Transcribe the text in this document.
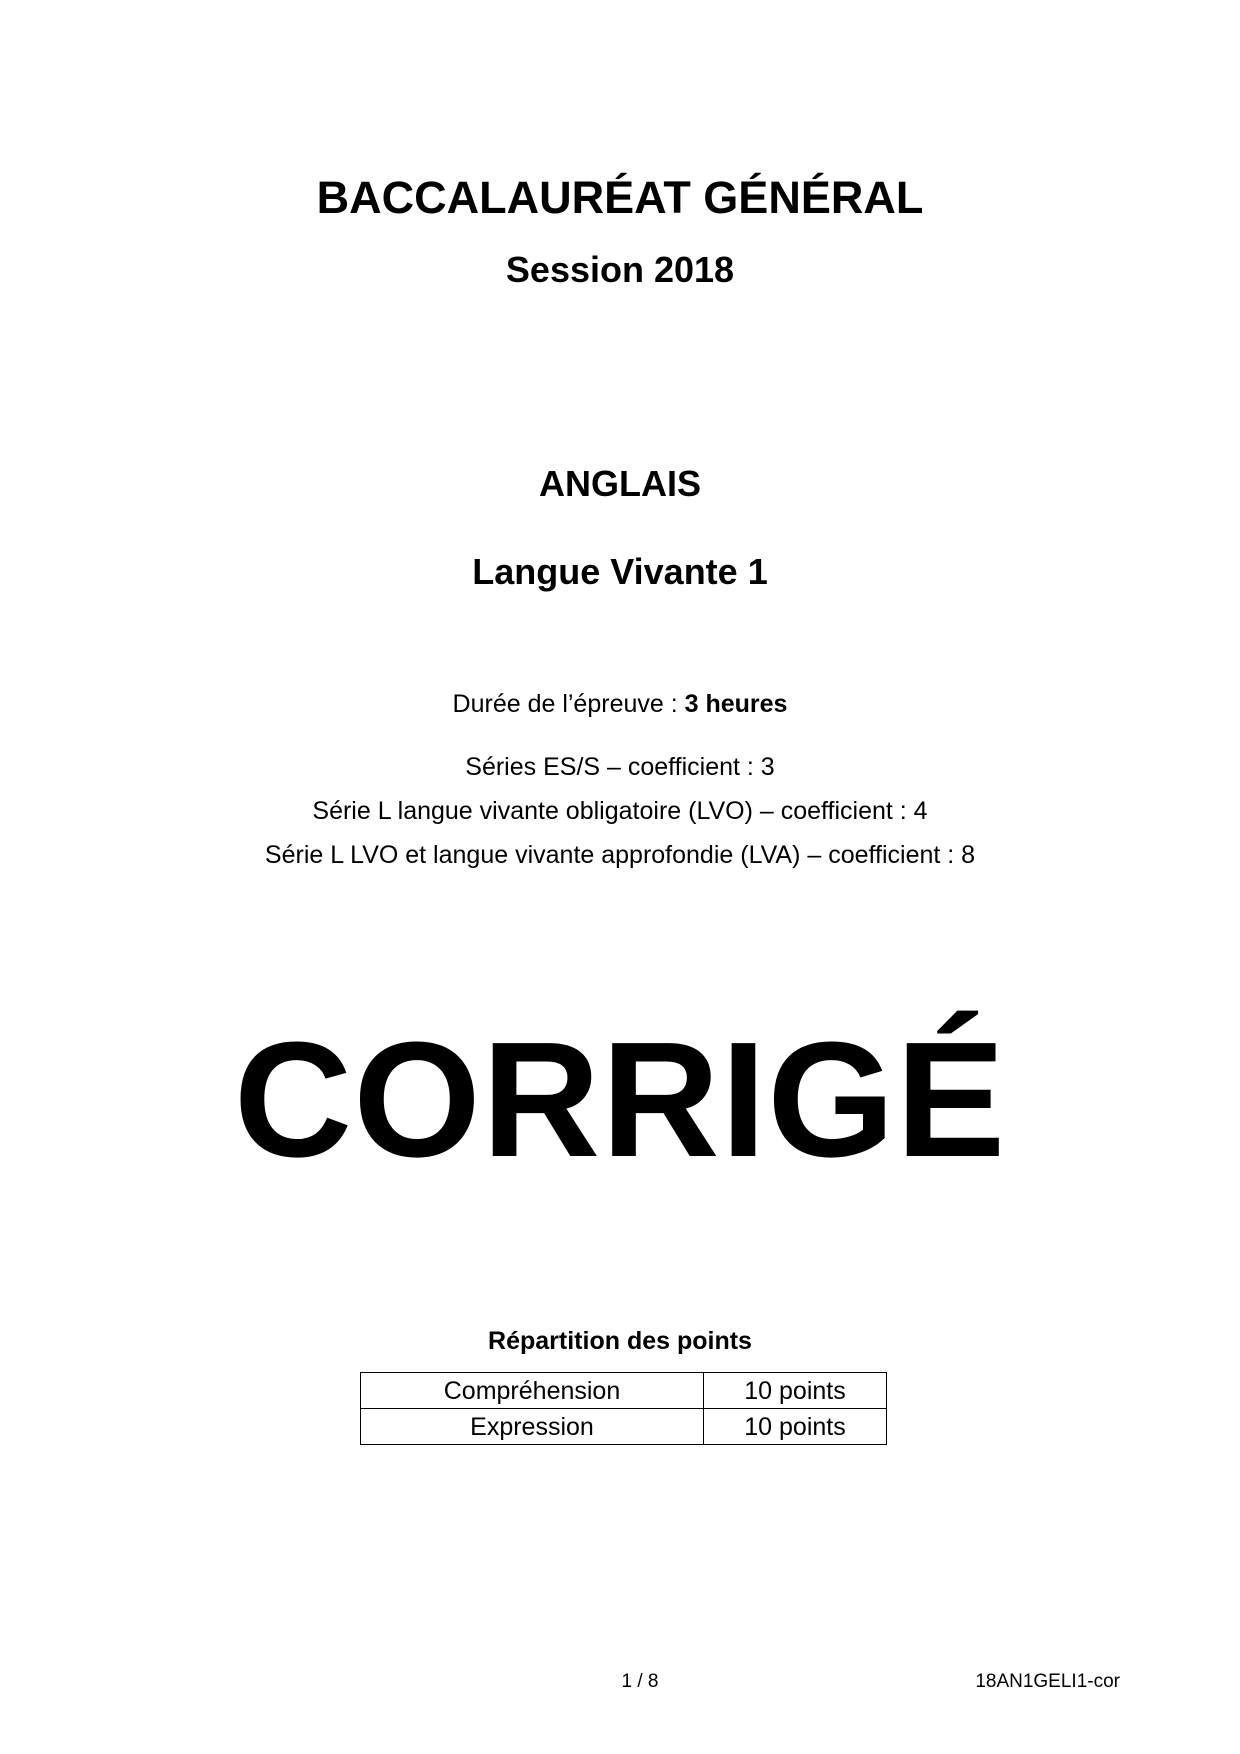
BACCALAURÉAT GÉNÉRAL
Session 2018
ANGLAIS
Langue Vivante 1
Durée de l’épreuve : 3 heures
Séries ES/S – coefficient : 3
Série L langue vivante obligatoire (LVO) – coefficient : 4
Série L LVO et langue vivante approfondie (LVA) – coefficient : 8
CORRIGÉ
Répartition des points
Compréhension	10 points
Expression	10 points
1 / 8	18AN1GELI1-cor
